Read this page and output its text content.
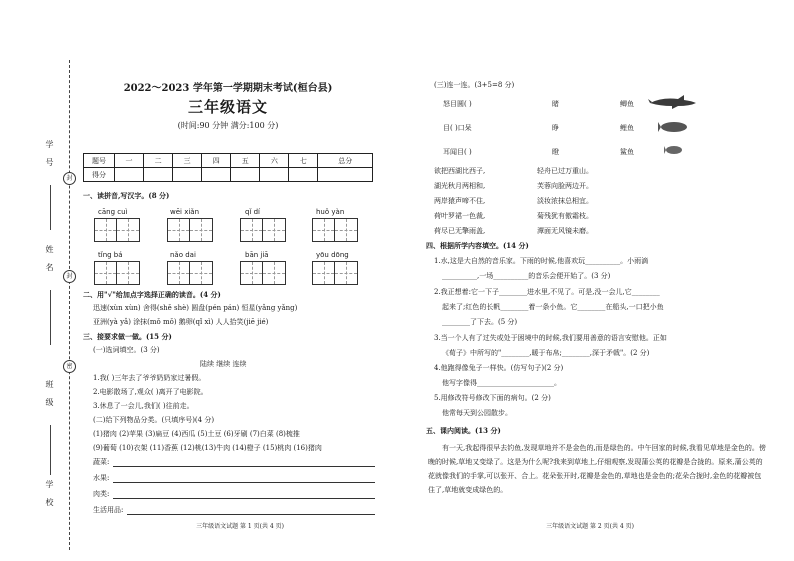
学号
姓名
班级
学校
封
封
密
2022～2023 学年第一学期期末考试(桓台县)
三年级语文
(时间:90 分钟 满分:100 分)
题号	一	二	三	四	五	六	七	总分
得分								
一、读拼音,写汉字。(8 分)
cāng cuì	wēi xiǎn	qǐ dí	huǒ yàn
tǐng bá	nǎo dai	bān jiā	yōu dōng
二、用"√"给加点字选择正确的读音。(4 分)
迅速(xùn xùn) 舍得(shě shè) 圆盘(pén pán) 恒星(yǎng yǎng)
亚洲(yà yǎ) 涂抹(mǒ mǒ) 鹅卵(qǐ xì) 人人拾笑(jiē jié)
三、接要求做一做。(15 分)
(一)选词填空。(3 分)
陆续 继续 连续
1.我( )三年去了爷爷奶奶家过暑假。
2.电影散场了,观众( )离开了电影院。
3.休息了一会儿,我们( )往前走。
(二)给下列物品分类。(只填序号)(4 分)
(1)猪肉 (2)苹果 (3)扁豆 (4)西瓜 (5)土豆 (6)牙刷 (7)白菜 (8)梳推
(9)葡萄 (10)衣架 (11)香蕉 (12)桃(13)牛肉 (14)橙子 (15)桃肉 (16)猪肉
蔬菜:
水果:
肉类:
生活用品:
三年级语文试题 第 1 页(共 4 页)
(三)连一连。(3+5=8 分)
怒目圆( )
目( )口呆
耳闻目( )
睹
睁
瞪
鲫鱼
鲤鱼
鲨鱼
欲把西湖比西子,
湖光秋月两相和,
两岸猿声啼不住,
荷叶罗裙一色裁,
荷尽已无擎雨盖,
轻舟已过万重山。
芙蓉向脸两边开。
淡妆浓抹总相宜。
菊残犹有傲霜枝。
潭面无风镜未磨。
四、根据所学内容填空。(14 分)
1.水,这是大自然的音乐家。下雨的时候,他喜欢玩__________。小雨滴
__________,一场__________的音乐会便开始了。(3 分)
2.我正想着:它一下子________进水里,不见了。可是,没一会儿,它________
起来了;红色的长帆________着一条小鱼。它________在船头,一口把小鱼
________了下去。(5 分)
3.当一个人有了过失或处于困境中的时候,我们要用善意的语言安慰他。正如
《荀子》中所写的"________,暖于布帛;________,深于矛戟"。(2 分)
4.他跑得像兔子一样快。(仿写句子)(2 分)
他写字像得______________________。
5.用修改符号修改下面的病句。(2 分)
他常每天到公园散步。
五、课内阅读。(13 分)
有一天,我起得很早去钓鱼,发现草地并不是金色的,而是绿色的。中午回家的时候,我看见草地是金色的。傍晚的时候,草地又变绿了。这是为什么呢?我来到草地上,仔细观察,发现蒲公英的花瓣是合拢的。原来,蒲公英的花就像我们的手掌,可以张开、合上。花朵张开时,花瓣是金色的,草地也是金色的;花朵合拢时,金色的花瓣被包住了,草地就变成绿色的。
三年级语文试题 第 2 页(共 4 页)
